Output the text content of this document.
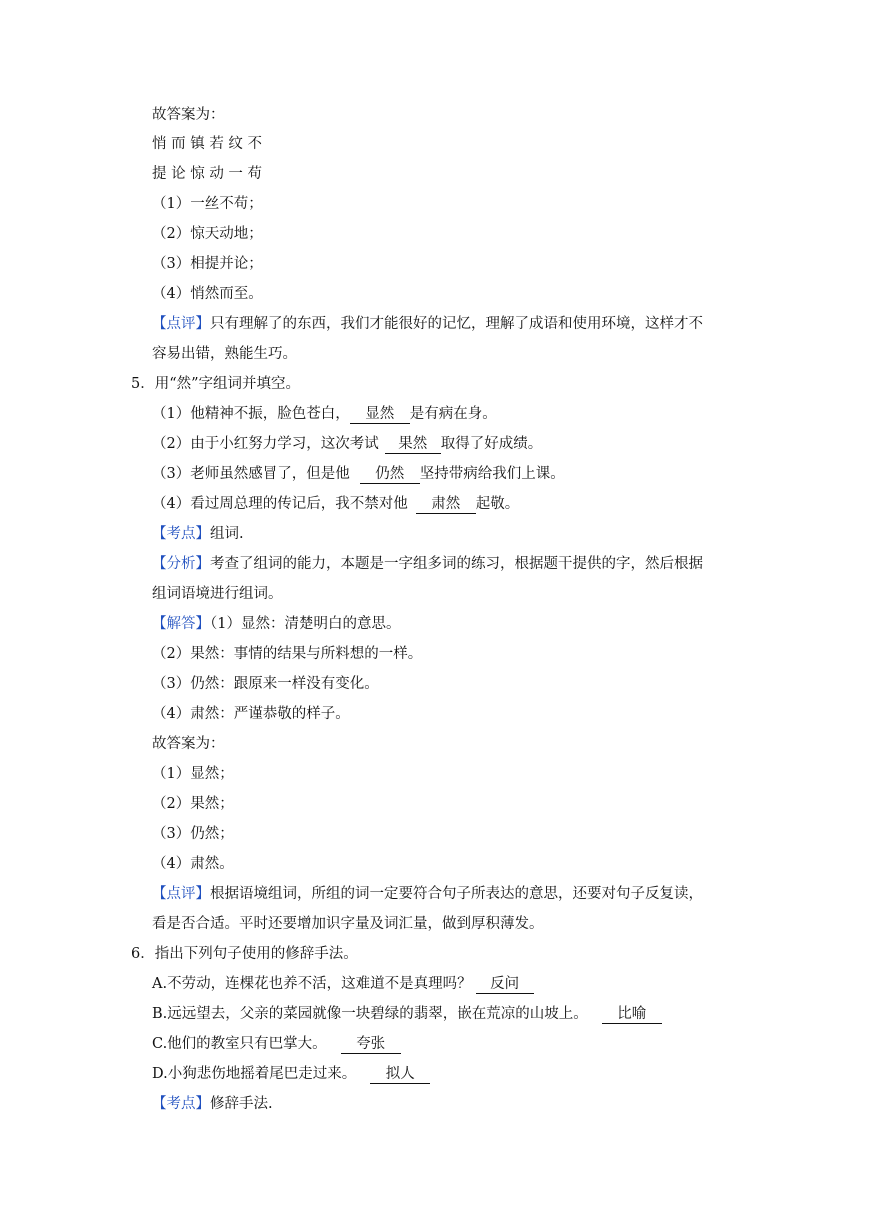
故答案为：
悄 而 镇 若 纹 不
提 论 惊 动 一 苟
（1）一丝不苟；
（2）惊天动地；
（3）相提并论；
（4）悄然而至。
【点评】只有理解了的东西，我们才能很好的记忆，理解了成语和使用环境，这样才不
容易出错，熟能生巧。
5．用“然”字组词并填空。
（1）他精神不振，脸色苍白， 显然 是有病在身。
（2）由于小红努力学习，这次考试 果然 取得了好成绩。
（3）老师虽然感冒了，但是他 仍然 坚持带病给我们上课。
（4）看过周总理的传记后，我不禁对他 肃然 起敬。
【考点】组词.
【分析】考查了组词的能力，本题是一字组多词的练习，根据题干提供的字，然后根据
组词语境进行组词。
【解答】（1）显然：清楚明白的意思。
（2）果然：事情的结果与所料想的一样。
（3）仍然：跟原来一样没有变化。
（4）肃然：严谨恭敬的样子。
故答案为：
（1）显然；
（2）果然；
（3）仍然；
（4）肃然。
【点评】根据语境组词，所组的词一定要符合句子所表达的意思，还要对句子反复读，
看是否合适。平时还要增加识字量及词汇量，做到厚积薄发。
6．指出下列句子使用的修辞手法。
A.不劳动，连棵花也养不活，这难道不是真理吗？ 反问
B.远远望去，父亲的菜园就像一块碧绿的翡翠，嵌在荒凉的山坡上。 比喻
C.他们的教室只有巴掌大。 夸张
D.小狗悲伤地摇着尾巴走过来。 拟人
【考点】修辞手法.
